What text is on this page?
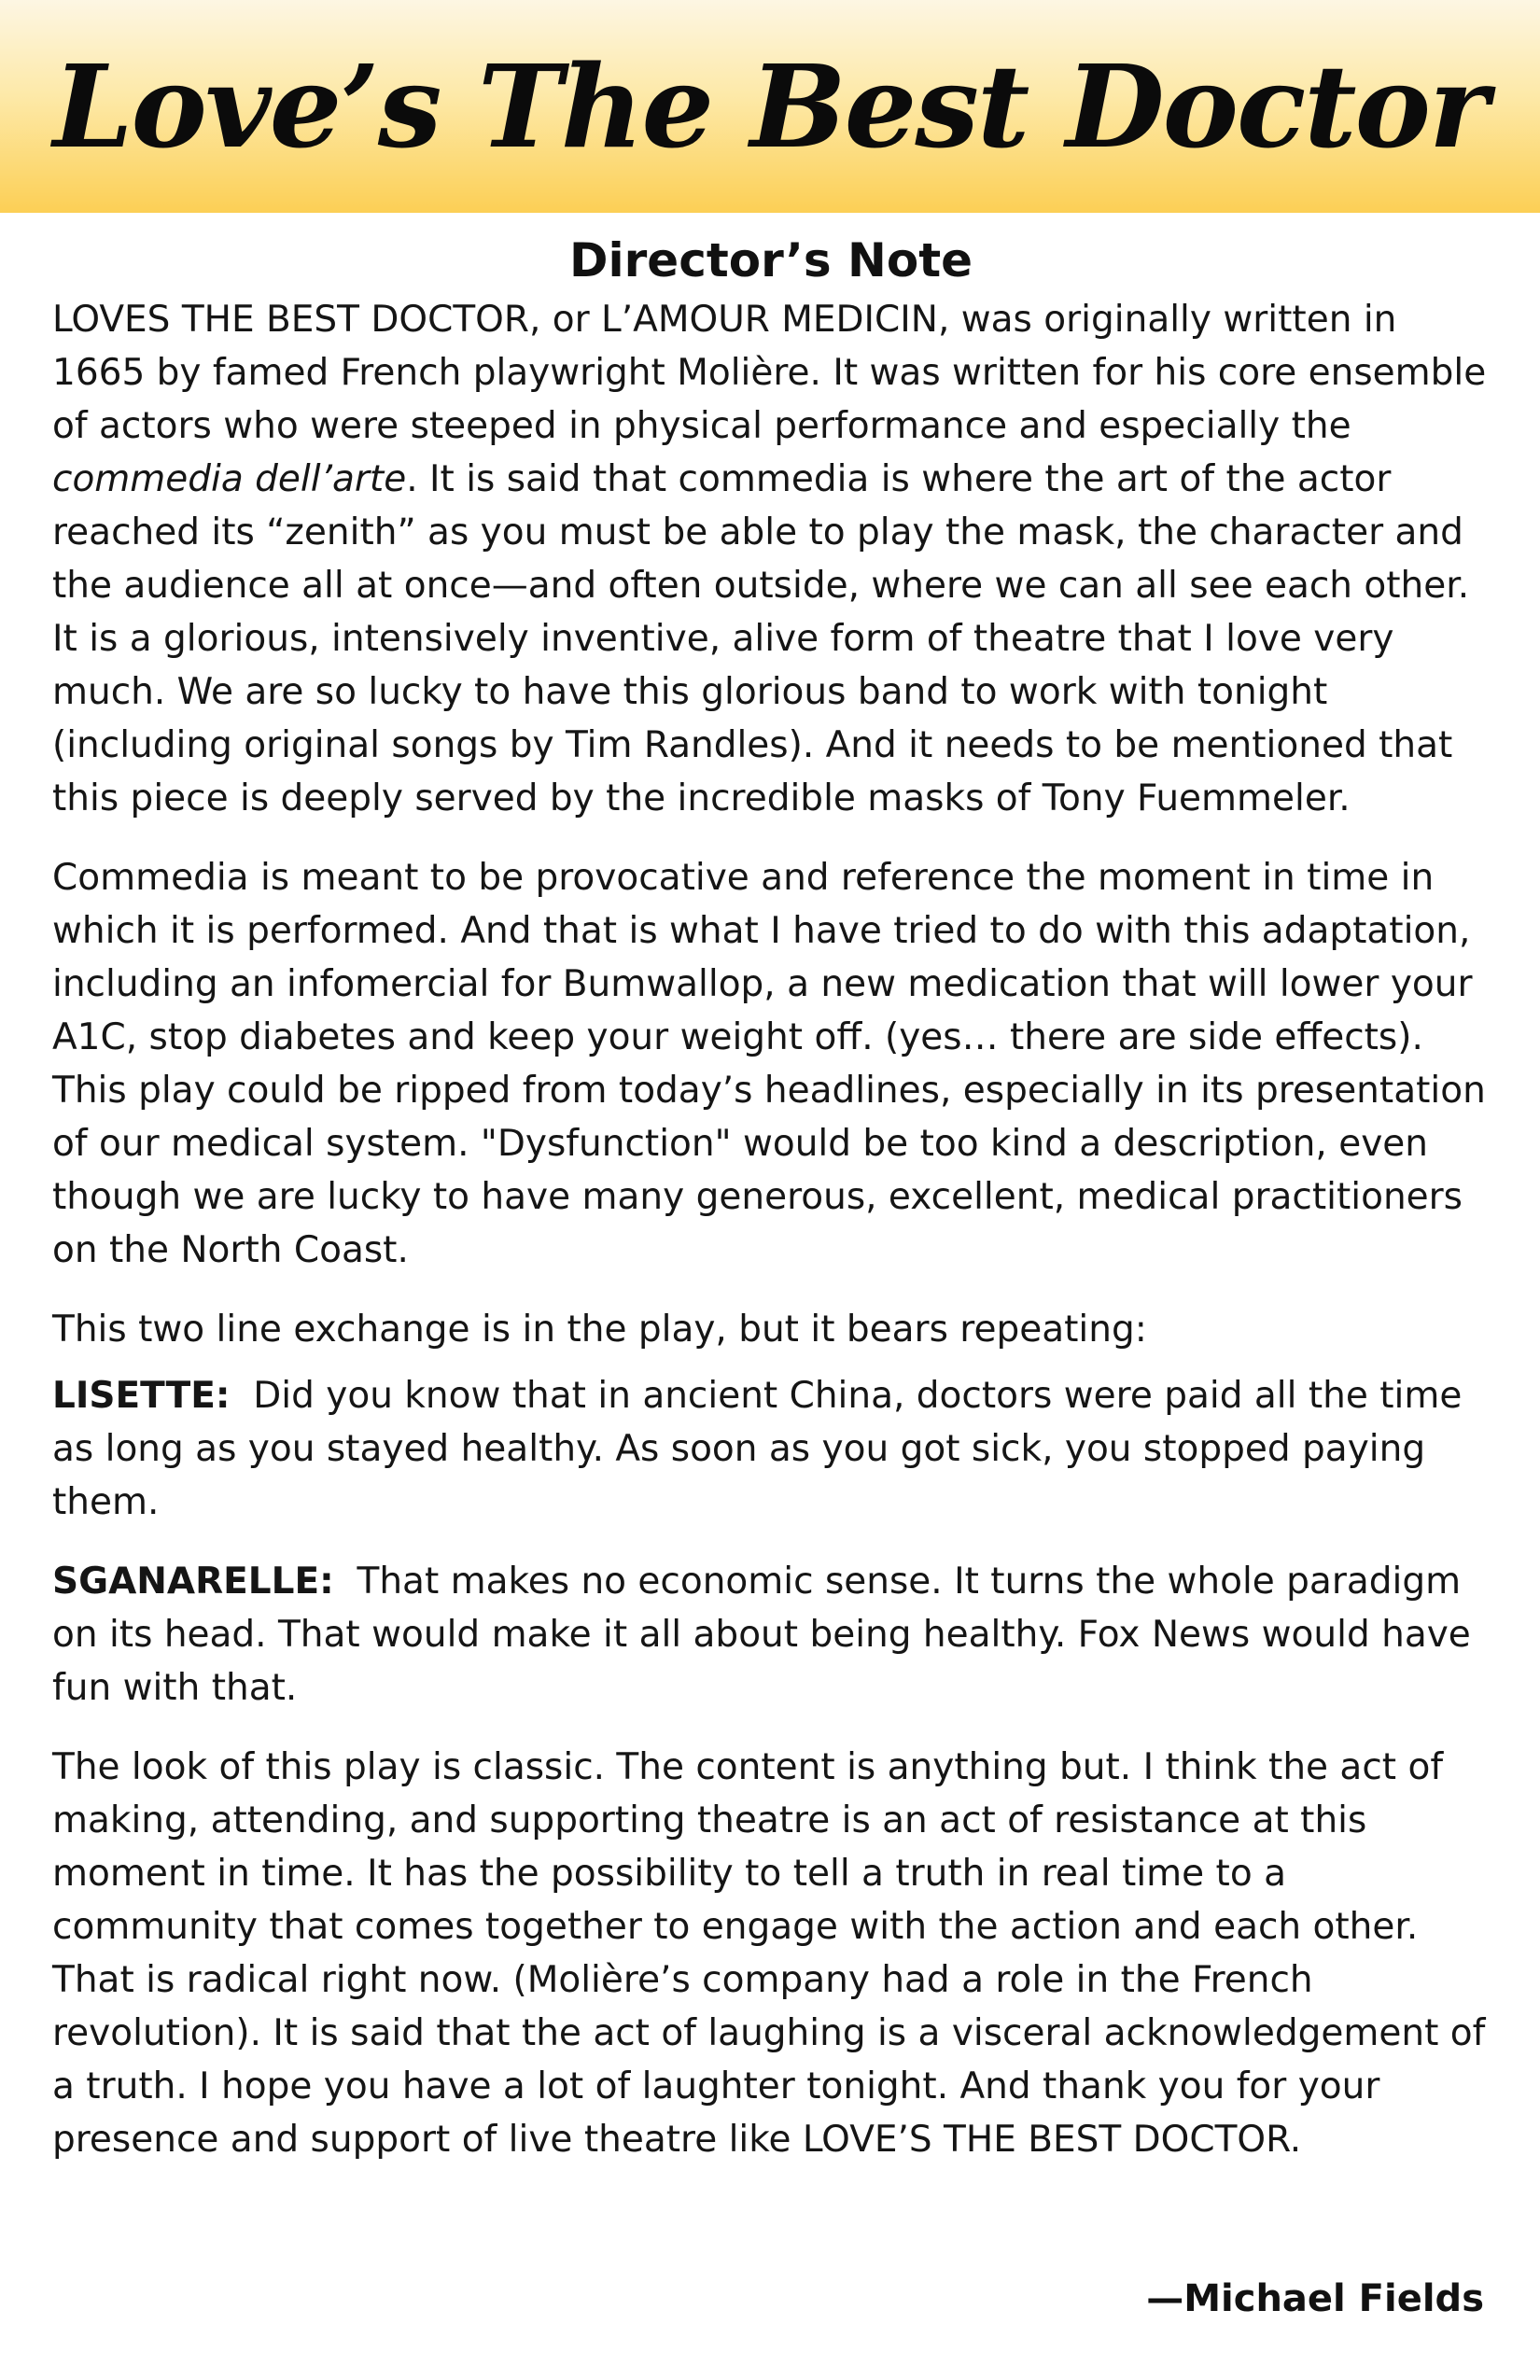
Love’s The Best Doctor
Director’s Note

LOVES THE BEST DOCTOR, or L’AMOUR MEDICIN, was originally written in 1665 by famed French playwright Molière. It was written for his core ensemble of actors who were steeped in physical performance and especially the commedia dell’arte. It is said that commedia is where the art of the actor reached its “zenith” as you must be able to play the mask, the character and the audience all at once—and often outside, where we can all see each other. It is a glorious, intensively inventive, alive form of theatre that I love very much. We are so lucky to have this glorious band to work with tonight (including original songs by Tim Randles). And it needs to be mentioned that this piece is deeply served by the incredible masks of Tony Fuemmeler.

Commedia is meant to be provocative and reference the moment in time in which it is performed. And that is what I have tried to do with this adaptation, including an infomercial for Bumwallop, a new medication that will lower your A1C, stop diabetes and keep your weight off. (yes… there are side effects). This play could be ripped from today’s headlines, especially in its presentation of our medical system. "Dysfunction" would be too kind a description, even though we are lucky to have many generous, excellent, medical practitioners on the North Coast.

This two line exchange is in the play, but it bears repeating:

LISETTE: Did you know that in ancient China, doctors were paid all the time as long as you stayed healthy. As soon as you got sick, you stopped paying them.

SGANARELLE: That makes no economic sense. It turns the whole paradigm on its head. That would make it all about being healthy. Fox News would have fun with that.

The look of this play is classic. The content is anything but. I think the act of making, attending, and supporting theatre is an act of resistance at this moment in time. It has the possibility to tell a truth in real time to a community that comes together to engage with the action and each other. That is radical right now. (Molière’s company had a role in the French revolution). It is said that the act of laughing is a visceral acknowledgement of a truth. I hope you have a lot of laughter tonight. And thank you for your presence and support of live theatre like LOVE’S THE BEST DOCTOR.

—Michael Fields
